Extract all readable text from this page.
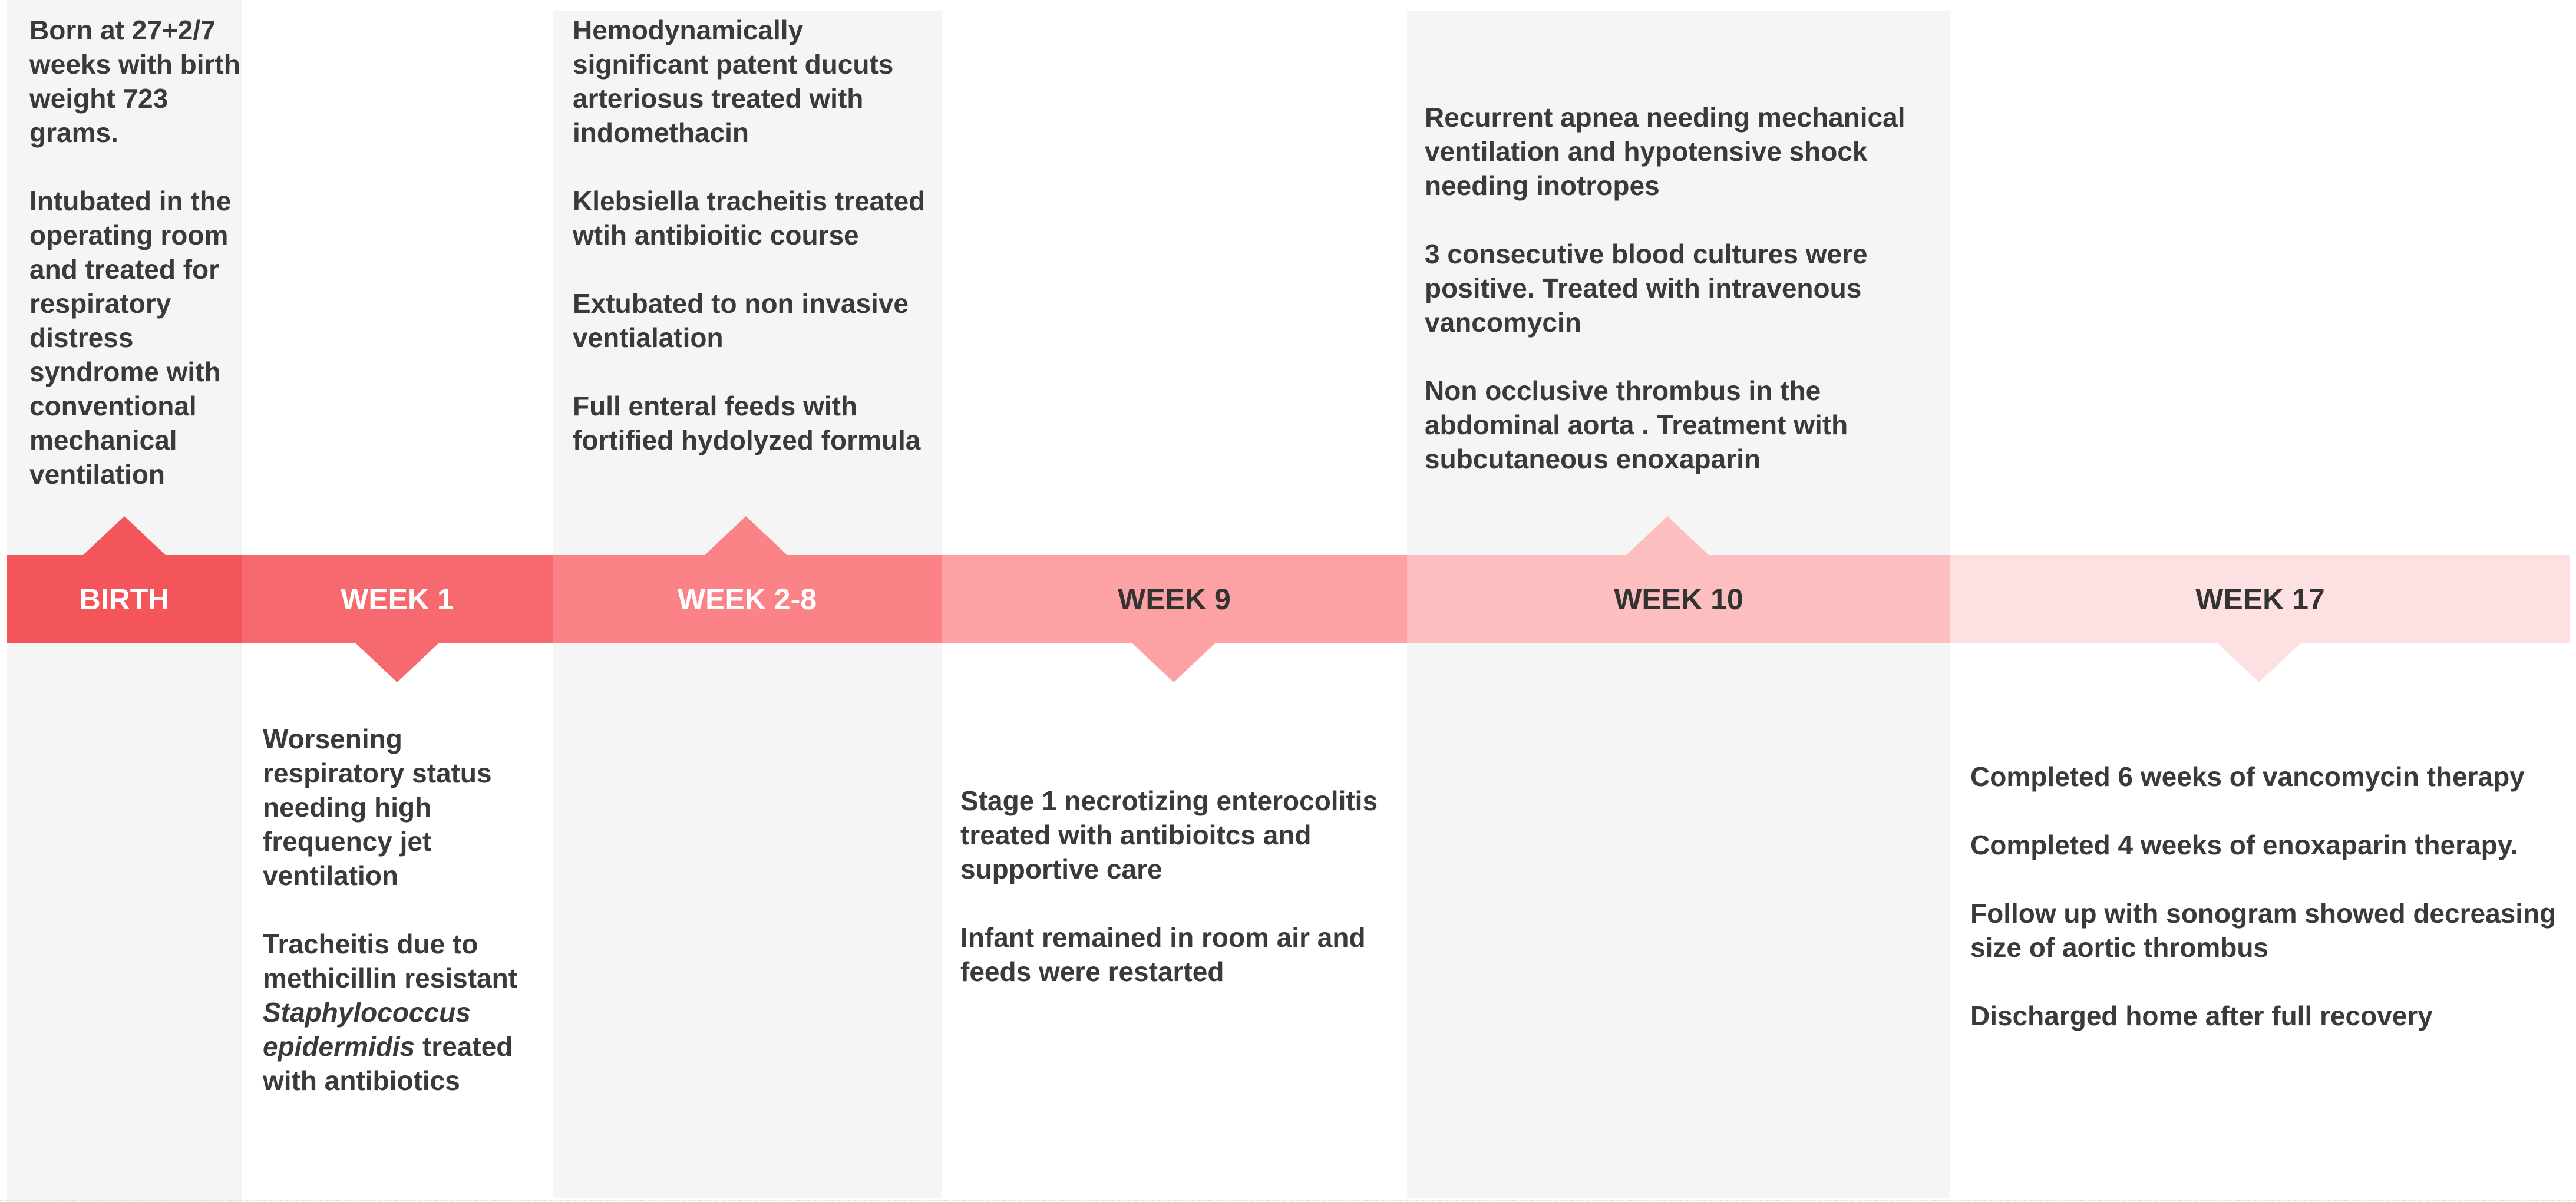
BIRTH	WEEK 1	WEEK 2-8	WEEK 9	WEEK 10	WEEK 17

Born at 27+2/7 weeks with birth weight 723 grams.

Intubated in the operating room and treated for respiratory distress syndrome with conventional mechanical ventilation

Worsening respiratory status needing high frequency jet ventilation

Tracheitis due to methicillin resistant Staphylococcus epidermidis treated with antibiotics

Hemodynamically significant patent ducuts arteriosus treated with indomethacin

Klebsiella tracheitis treated wtih antibioitic course

Extubated to non invasive ventialation

Full enteral feeds with fortified hydolyzed formula

Stage 1 necrotizing enterocolitis treated with antibioitcs and supportive care

Infant remained in room air and feeds were restarted

Recurrent apnea needing mechanical ventilation and hypotensive shock needing inotropes

3 consecutive blood cultures were positive. Treated with intravenous vancomycin

Non occlusive thrombus in the abdominal aorta . Treatment with subcutaneous enoxaparin

Completed 6 weeks of vancomycin therapy

Completed 4 weeks of enoxaparin therapy.

Follow up with sonogram showed decreasing size of aortic thrombus

Discharged home after full recovery
